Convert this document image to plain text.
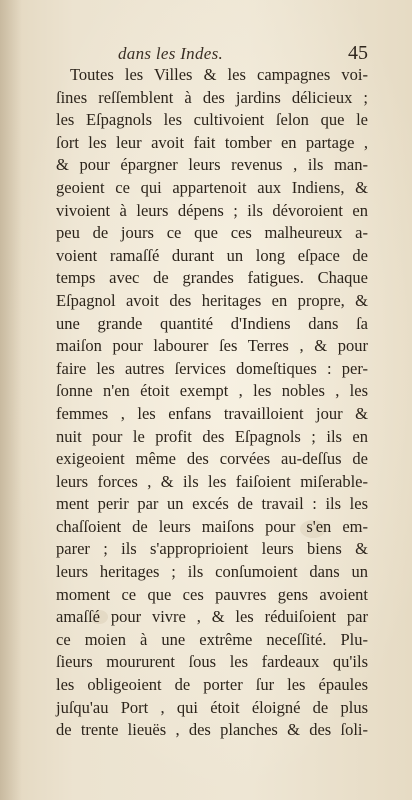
dans les Indes.	45
Toutes les Villes & les campagnes voi-
ſines reſſemblent à des jardins délicieux ;
les Eſpagnols les cultivoient ſelon que le
ſort les leur avoit fait tomber en partage ,
& pour épargner leurs revenus , ils man-
geoient ce qui appartenoit aux Indiens, &
vivoient à leurs dépens ; ils dévoroient en
peu de jours ce que ces malheureux a-
voient ramaſſé durant un long eſpace de
temps avec de grandes fatigues. Chaque
Eſpagnol avoit des heritages en propre, &
une grande quantité d'Indiens dans ſa
maiſon pour labourer ſes Terres , & pour
faire les autres ſervices domeſtiques : per-
ſonne n'en étoit exempt , les nobles , les
femmes , les enfans travailloient jour &
nuit pour le profit des Eſpagnols ; ils en
exigeoient même des corvées au-deſſus de
leurs forces , & ils les faiſoient miſerable-
ment perir par un excés de travail : ils les
chaſſoient de leurs maiſons pour s'en em-
parer ; ils s'approprioient leurs biens &
leurs heritages ; ils conſumoient dans un
moment ce que ces pauvres gens avoient
amaſſé pour vivre , & les réduiſoient par
ce moien à une extrême neceſſité. Plu-
ſieurs moururent ſous les fardeaux qu'ils
les obligeoient de porter ſur les épaules
juſqu'au Port , qui étoit éloigné de plus
de trente lieuës , des planches & des ſoli-
